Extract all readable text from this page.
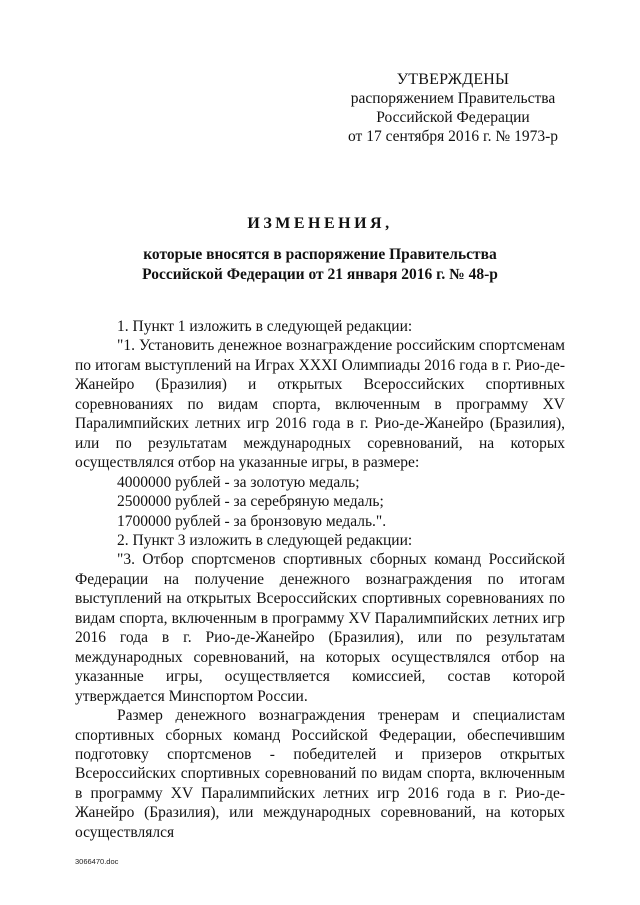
УТВЕРЖДЕНЫ
распоряжением Правительства
Российской Федерации
от 17 сентября 2016 г. № 1973-р
ИЗМЕНЕНИЯ,
которые вносятся в распоряжение Правительства
Российской Федерации от 21 января 2016 г. № 48-р

1. Пункт 1 изложить в следующей редакции:

"1. Установить денежное вознаграждение российским спортсменам по итогам выступлений на Играх XXXI Олимпиады 2016 года в г. Рио-де-Жанейро (Бразилия) и открытых Всероссийских спортивных соревнованиях по видам спорта, включенным в программу XV Паралимпийских летних игр 2016 года в г. Рио-де-Жанейро (Бразилия), или по результатам международных соревнований, на которых осуществлялся отбор на указанные игры, в размере:

4000000 рублей - за золотую медаль;

2500000 рублей - за серебряную медаль;

1700000 рублей - за бронзовую медаль.".

2. Пункт 3 изложить в следующей редакции:

"3. Отбор спортсменов спортивных сборных команд Российской Федерации на получение денежного вознаграждения по итогам выступлений на открытых Всероссийских спортивных соревнованиях по видам спорта, включенным в программу XV Паралимпийских летних игр 2016 года в г. Рио-де-Жанейро (Бразилия), или по результатам международных соревнований, на которых осуществлялся отбор на указанные игры, осуществляется комиссией, состав которой утверждается Минспортом России.

Размер денежного вознаграждения тренерам и специалистам спортивных сборных команд Российской Федерации, обеспечившим подготовку спортсменов - победителей и призеров открытых Всероссийских спортивных соревнований по видам спорта, включенным в программу XV Паралимпийских летних игр 2016 года в г. Рио-де-Жанейро (Бразилия), или международных соревнований, на которых осуществлялся

3066470.doc
